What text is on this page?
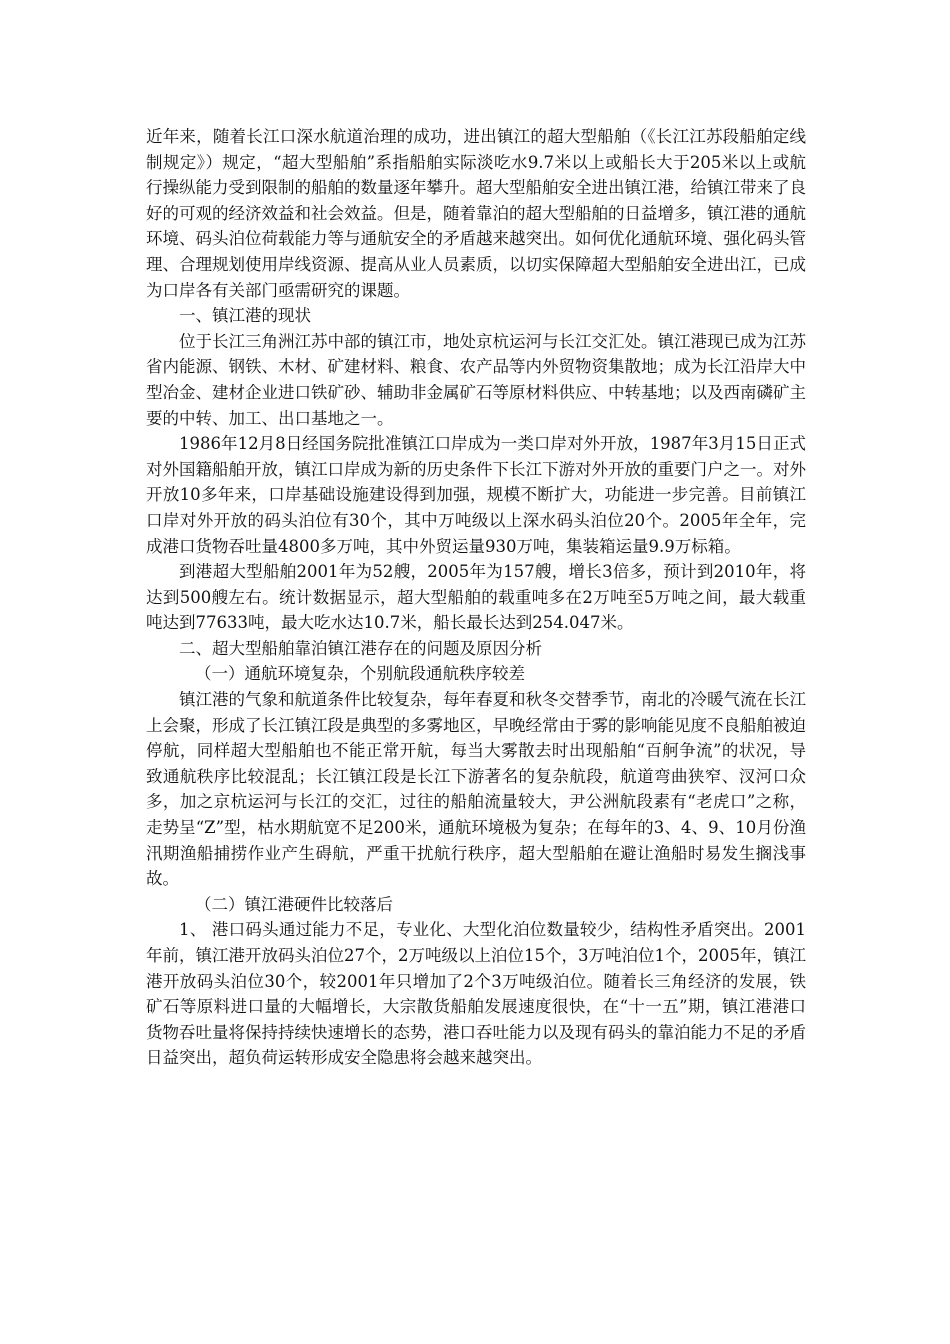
近年来，随着长江口深水航道治理的成功，进出镇江的超大型船舶（《长江江苏段船舶定线制规定》）规定，“超大型船舶”系指船舶实际淡吃水9.7米以上或船长大于205米以上或航行操纵能力受到限制的船舶的数量逐年攀升。超大型船舶安全进出镇江港，给镇江带来了良好的可观的经济效益和社会效益。但是，随着靠泊的超大型船舶的日益增多，镇江港的通航环境、码头泊位荷载能力等与通航安全的矛盾越来越突出。如何优化通航环境、强化码头管理、合理规划使用岸线资源、提高从业人员素质，以切实保障超大型船舶安全进出江，已成为口岸各有关部门亟需研究的课题。

一、镇江港的现状

位于长江三角洲江苏中部的镇江市，地处京杭运河与长江交汇处。镇江港现已成为江苏省内能源、钢铁、木材、矿建材料、粮食、农产品等内外贸物资集散地；成为长江沿岸大中型冶金、建材企业进口铁矿砂、辅助非金属矿石等原材料供应、中转基地；以及西南磷矿主要的中转、加工、出口基地之一。

1986年12月8日经国务院批准镇江口岸成为一类口岸对外开放，1987年3月15日正式对外国籍船舶开放，镇江口岸成为新的历史条件下长江下游对外开放的重要门户之一。对外开放10多年来，口岸基础设施建设得到加强，规模不断扩大，功能进一步完善。目前镇江口岸对外开放的码头泊位有30个，其中万吨级以上深水码头泊位20个。2005年全年，完成港口货物吞吐量4800多万吨，其中外贸运量930万吨，集装箱运量9.9万标箱。

到港超大型船舶2001年为52艘，2005年为157艘，增长3倍多，预计到2010年，将达到500艘左右。统计数据显示，超大型船舶的载重吨多在2万吨至5万吨之间，最大载重吨达到77633吨，最大吃水达10.7米，船长最长达到254.047米。

二、超大型船舶靠泊镇江港存在的问题及原因分析

（一）通航环境复杂，个别航段通航秩序较差

镇江港的气象和航道条件比较复杂，每年春夏和秋冬交替季节，南北的冷暖气流在长江上会聚，形成了长江镇江段是典型的多雾地区，早晚经常由于雾的影响能见度不良船舶被迫停航，同样超大型船舶也不能正常开航，每当大雾散去时出现船舶“百舸争流”的状况，导致通航秩序比较混乱；长江镇江段是长江下游著名的复杂航段，航道弯曲狭窄、汊河口众多，加之京杭运河与长江的交汇，过往的船舶流量较大，尹公洲航段素有“老虎口”之称，走势呈“Z”型，枯水期航宽不足200米，通航环境极为复杂；在每年的3、4、9、10月份渔汛期渔船捕捞作业产生碍航，严重干扰航行秩序，超大型船舶在避让渔船时易发生搁浅事故。

（二）镇江港硬件比较落后

1、 港口码头通过能力不足，专业化、大型化泊位数量较少，结构性矛盾突出。2001年前，镇江港开放码头泊位27个，2万吨级以上泊位15个，3万吨泊位1个，2005年，镇江港开放码头泊位30个，较2001年只增加了2个3万吨级泊位。随着长三角经济的发展，铁矿石等原料进口量的大幅增长，大宗散货船舶发展速度很快，在“十一五”期，镇江港港口货物吞吐量将保持持续快速增长的态势，港口吞吐能力以及现有码头的靠泊能力不足的矛盾日益突出，超负荷运转形成安全隐患将会越来越突出。
